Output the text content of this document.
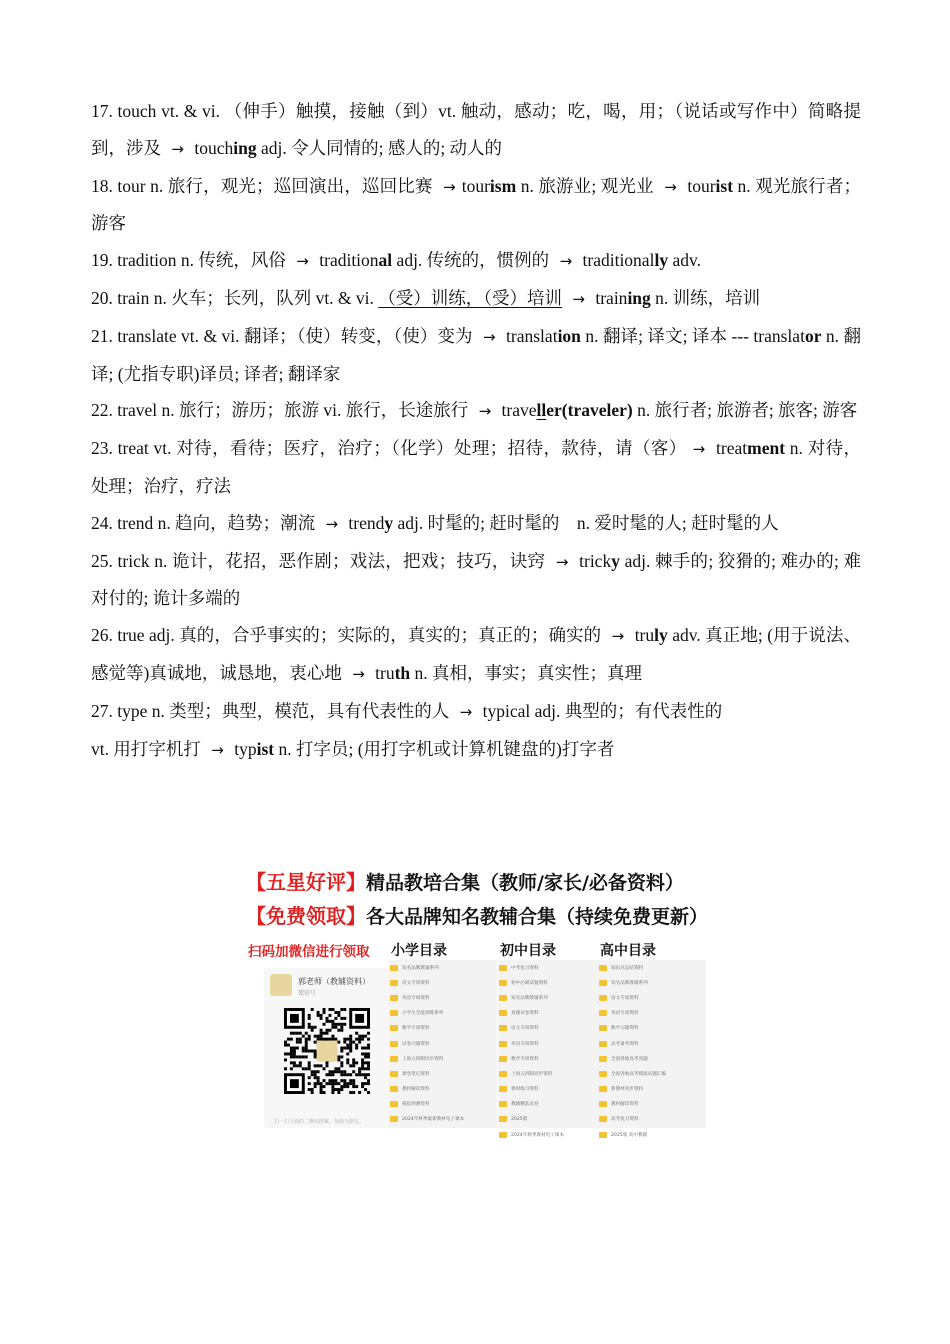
17. touch vt. & vi. （伸手）触摸，接触（到）vt. 触动，感动；吃，喝，用；（说话或写作中）简略提到，涉及 → touching adj. 令人同情的; 感人的; 动人的

18. tour n. 旅行，观光；巡回演出，巡回比赛 → tourism n. 旅游业; 观光业 → tourist n. 观光旅行者；游客

19. tradition n. 传统，风俗 → traditional adj. 传统的，惯例的 → traditionally adv.

20. train n. 火车；长列，队列 vt. & vi. （受）训练，（受）培训 → training n. 训练，培训

21. translate vt. & vi. 翻译；（使）转变，（使）变为 → translation n. 翻译; 译文; 译本 --- translator n. 翻译; (尤指专职)译员; 译者; 翻译家

22. travel n. 旅行；游历；旅游 vi. 旅行，长途旅行 → traveller(traveler) n. 旅行者; 旅游者; 旅客; 游客

23. treat vt. 对待，看待；医疗，治疗；（化学）处理；招待，款待，请（客） → treatment n. 对待，处理；治疗，疗法

24. trend n. 趋向，趋势；潮流 → trendy adj. 时髦的; 赶时髦的　n. 爱时髦的人; 赶时髦的人

25. trick n. 诡计，花招，恶作剧；戏法，把戏；技巧，诀窍 → tricky adj. 棘手的; 狡猾的; 难办的; 难对付的; 诡计多端的

26. true adj. 真的，合乎事实的；实际的，真实的；真正的；确实的 → truly adv. 真正地; (用于说法、感觉等)真诚地，诚恳地，衷心地 → truth n. 真相，事实；真实性；真理

27. type n. 类型；典型，模范，具有代表性的人 → typical adj. 典型的；有代表性的
vt. 用打字机打 → typist n. 打字员; (用打字机或计算机键盘的)打字者

【五星好评】精品教培合集（教师/家长/必备资料）
【免费领取】各大品牌知名教辅合集（持续免费更新）
扫码加微信进行领取 小学目录	初中目录	高中目录
郭老师（教辅资料）
微信号
扫一扫上面的二维码图案，加我为朋友。
知名品牌教辅系列
语文专项资料
英语专项资料
小学生全能训练系列
数学专项资料
试卷习题资料
上海五四制同步资料
课堂笔记资料
教材解读资料
模拟预测资料
2024年秋季最新教材电子课本
中考复习资料
初中必刷试题资料
知名品牌教辅系列
真题试卷资料
语文专项资料
英语专项资料
数学专项资料
上海五四制同步资料
课时练习资料
教辅精选试卷
2025版
2024年秋季教材电子课本
知识点总结资料
知名品牌教辅系列
语文专项资料
英语专项资料
数学习题资料
高考备考资料
全国各地高考真题
全国各地高考模拟试题汇编
新教材同步资料
教材解读资料
高考复习资料
2025版 高中教辅
